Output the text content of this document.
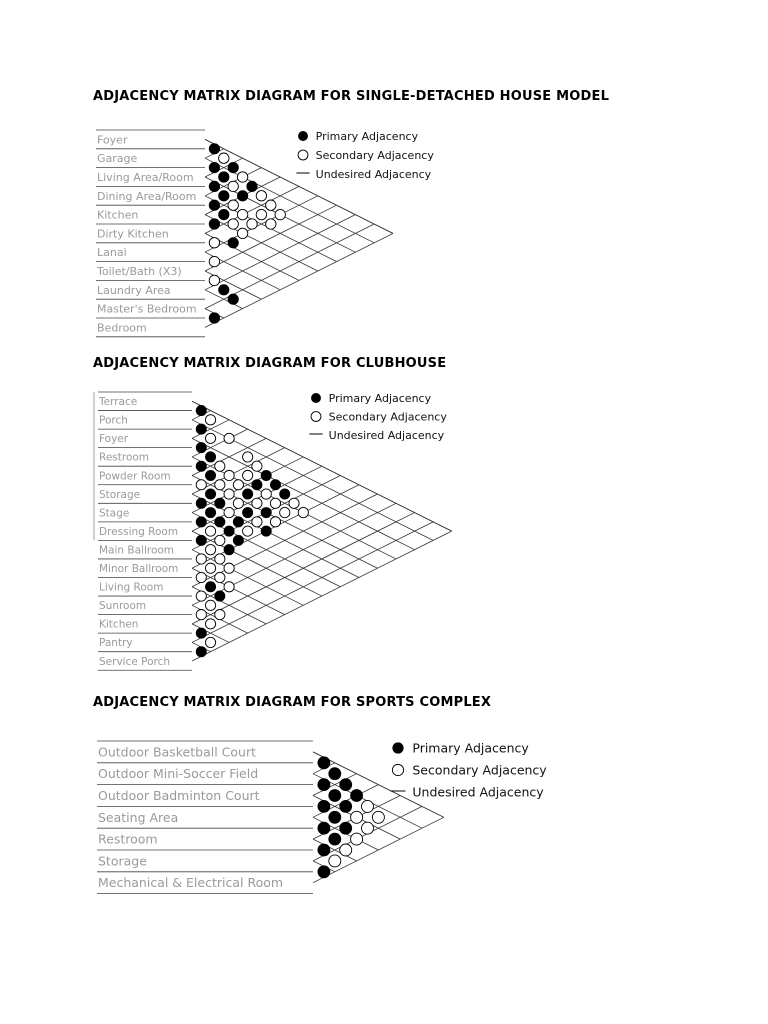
ADJACENCY MATRIX DIAGRAM FOR SINGLE-DETACHED HOUSE MODEL
ADJACENCY MATRIX DIAGRAM FOR CLUBHOUSE
ADJACENCY MATRIX DIAGRAM FOR SPORTS COMPLEX
Foyer
Garage
Living Area/Room
Dining Area/Room
Kitchen
Dirty Kitchen
Lanai
Toilet/Bath (X3)
Laundry Area
Master's Bedroom
Bedroom
Primary Adjacency
Secondary Adjacency
Undesired Adjacency
Terrace
Porch
Foyer
Restroom
Powder Room
Storage
Stage
Dressing Room
Main Ballroom
Minor Ballroom
Living Room
Sunroom
Kitchen
Pantry
Service Porch
Primary Adjacency
Secondary Adjacency
Undesired Adjacency
Outdoor Basketball Court
Outdoor Mini-Soccer Field
Outdoor Badminton Court
Seating Area
Restroom
Storage
Mechanical & Electrical Room
Primary Adjacency
Secondary Adjacency
Undesired Adjacency
